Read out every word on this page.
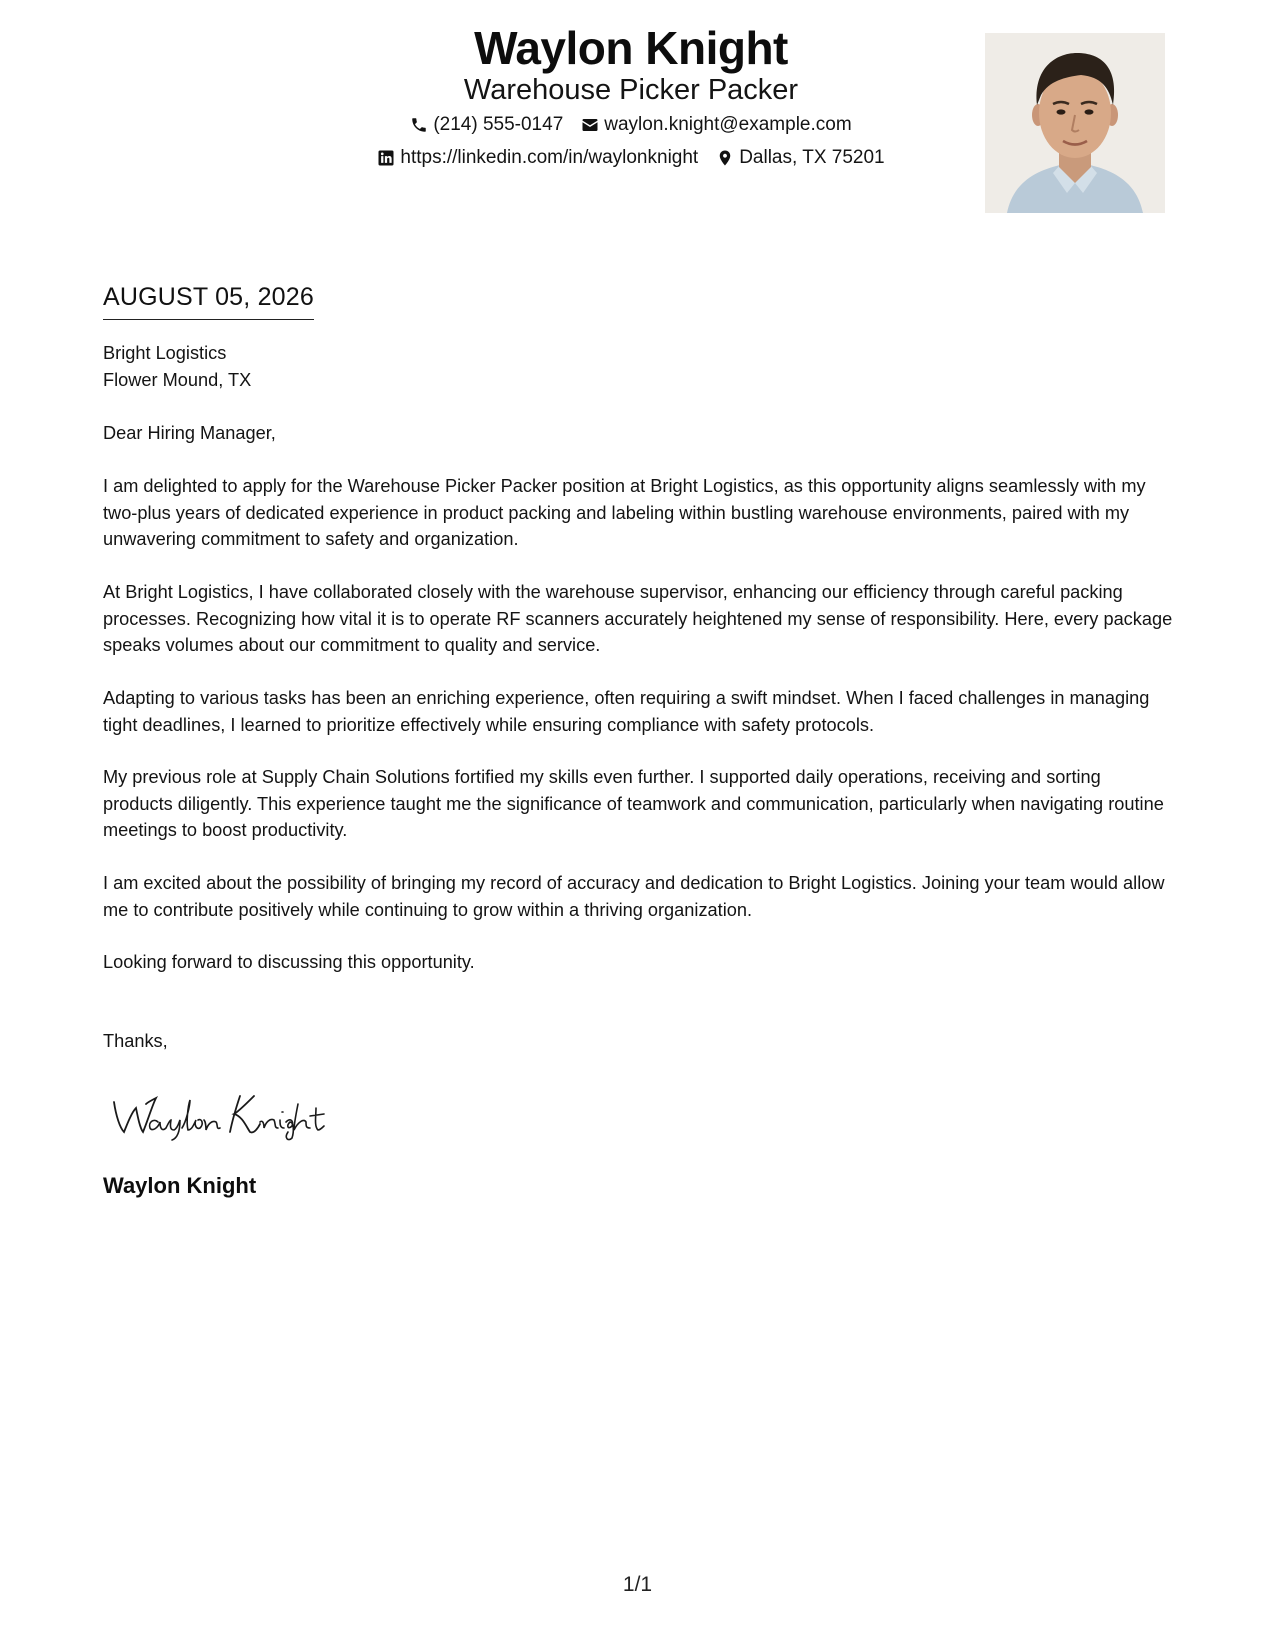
Waylon Knight
Warehouse Picker Packer
(214) 555-0147 waylon.knight@example.com
https://linkedin.com/in/waylonknight Dallas, TX 75201
AUGUST 05, 2026
Bright Logistics
Flower Mound, TX
Dear Hiring Manager,

I am delighted to apply for the Warehouse Picker Packer position at Bright Logistics, as this opportunity aligns seamlessly with my two-plus years of dedicated experience in product packing and labeling within bustling warehouse environments, paired with my unwavering commitment to safety and organization.

At Bright Logistics, I have collaborated closely with the warehouse supervisor, enhancing our efficiency through careful packing processes. Recognizing how vital it is to operate RF scanners accurately heightened my sense of responsibility. Here, every package speaks volumes about our commitment to quality and service.

Adapting to various tasks has been an enriching experience, often requiring a swift mindset. When I faced challenges in managing tight deadlines, I learned to prioritize effectively while ensuring compliance with safety protocols.

My previous role at Supply Chain Solutions fortified my skills even further. I supported daily operations, receiving and sorting products diligently. This experience taught me the significance of teamwork and communication, particularly when navigating routine meetings to boost productivity.

I am excited about the possibility of bringing my record of accuracy and dedication to Bright Logistics. Joining your team would allow me to contribute positively while continuing to grow within a thriving organization.

Looking forward to discussing this opportunity.

Thanks,
Waylon Knight
1/1
